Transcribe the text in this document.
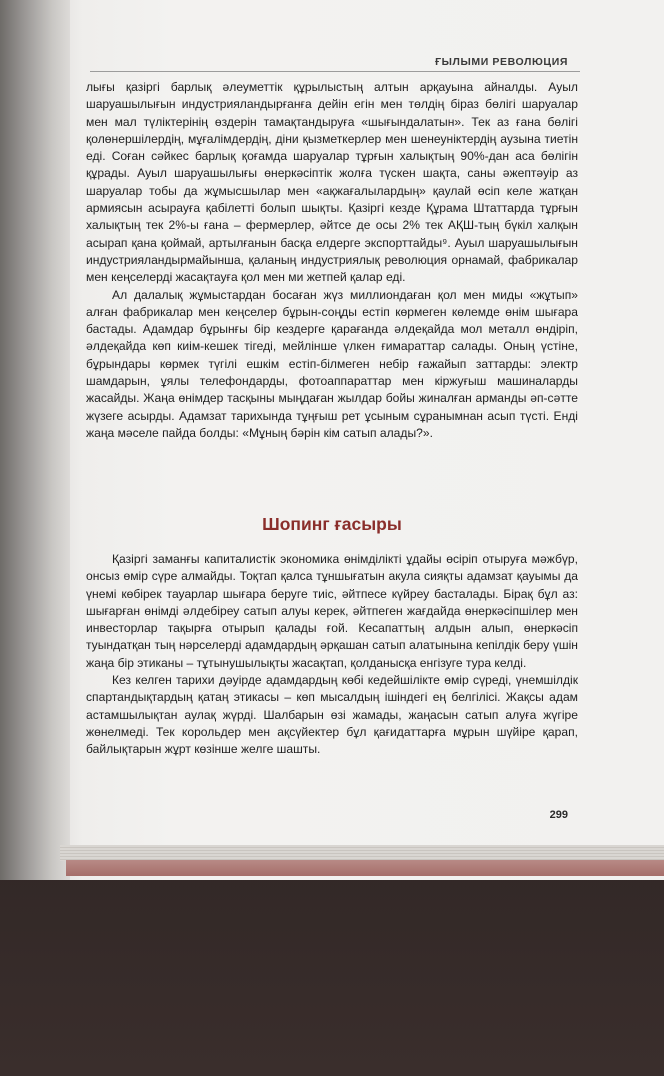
ҒЫЛЫМИ РЕВОЛЮЦИЯ

лығы қазіргі барлық әлеуметтік құрылыстың алтын арқауына айналды. Ауыл шаруашылығын индустрияландырғанға дейін егін мен төлдің біраз бөлігі шаруалар мен мал түліктерінің өздерін тамақтандыруға «шығындалатын». Тек аз ғана бөлігі қолөнершілердің, мұғалімдердің, діни қызметкерлер мен шенеуніктердің аузына тиетін еді. Соған сәйкес барлық қоғамда шаруалар тұрғын халықтың 90%-дан аса бөлігін құрады. Ауыл шаруашылығы өнеркәсіптік жолға түскен шақта, саны әжептәуір аз шаруалар тобы да жұмысшылар мен «ақжағалылардың» қаулай өсіп келе жатқан армиясын асырауға қабілетті болып шықты. Қазіргі кезде Құрама Штаттарда тұрғын халықтың тек 2%-ы ғана – фермерлер, әйтсе де осы 2% тек АҚШ-тың бүкіл халқын асырап қана қоймай, артылғанын басқа елдерге экспорттайды⁹. Ауыл шаруашылығын индустрияландырмайынша, қаланың индустриялық революция орнамай, фабрикалар мен кеңселерді жасақтауға қол мен ми жетпей қалар еді.

Ал далалық жұмыстардан босаған жүз миллиондаған қол мен миды «жұтып» алған фабрикалар мен кеңселер бұрын-соңды естіп көрмеген көлемде өнім шығара бастады. Адамдар бұрынғы бір кездерге қарағанда әлдеқайда мол металл өндіріп, әлдеқайда көп киім-кешек тігеді, мейлінше үлкен ғимараттар салады. Оның үстіне, бұрындары көрмек түгілі ешкім естіп-білмеген небір ғажайып заттарды: электр шамдарын, ұялы телефондарды, фотоаппараттар мен кіржуғыш машиналарды жасайды. Жаңа өнімдер тасқыны мыңдаған жылдар бойы жиналған арманды әп-сәтте жүзеге асырды. Адамзат тарихында тұңғыш рет ұсыным сұранымнан асып түсті. Енді жаңа мәселе пайда болды: «Мұның бәрін кім сатып алады?».

Шопинг ғасыры

Қазіргі заманғы капиталистік экономика өнімділікті ұдайы өсіріп отыруға мәжбүр, онсыз өмір сүре алмайды. Тоқтап қалса тұншығатын акула сияқты адамзат қауымы да үнемі көбірек тауарлар шығара беруге тиіс, әйтпесе күйреу басталады. Бірақ бұл аз: шығарған өнімді әлдебіреу сатып алуы керек, әйтпеген жағдайда өнеркәсіпшілер мен инвесторлар тақырға отырып қалады ғой. Кесапаттың алдын алып, өнеркәсіп туындатқан тың нәрселерді адамдардың әрқашан сатып алатынына кепілдік беру үшін жаңа бір этиканы – тұтынушылықты жасақтап, қолданысқа енгізуге тура келді.

Кез келген тарихи дәуірде адамдардың көбі кедейшілікте өмір сүреді, үнемшілдік спартандықтардың қатаң этикасы – көп мысалдың ішіндегі ең белгілісі. Жақсы адам астамшылықтан аулақ жүрді. Шалбарын өзі жамады, жаңасын сатып алуға жүгіре жөнелмеді. Тек корольдер мен ақсүйектер бұл қағидаттарға мұрын шүйіре қарап, байлықтарын жұрт көзінше желге шашты.

299
